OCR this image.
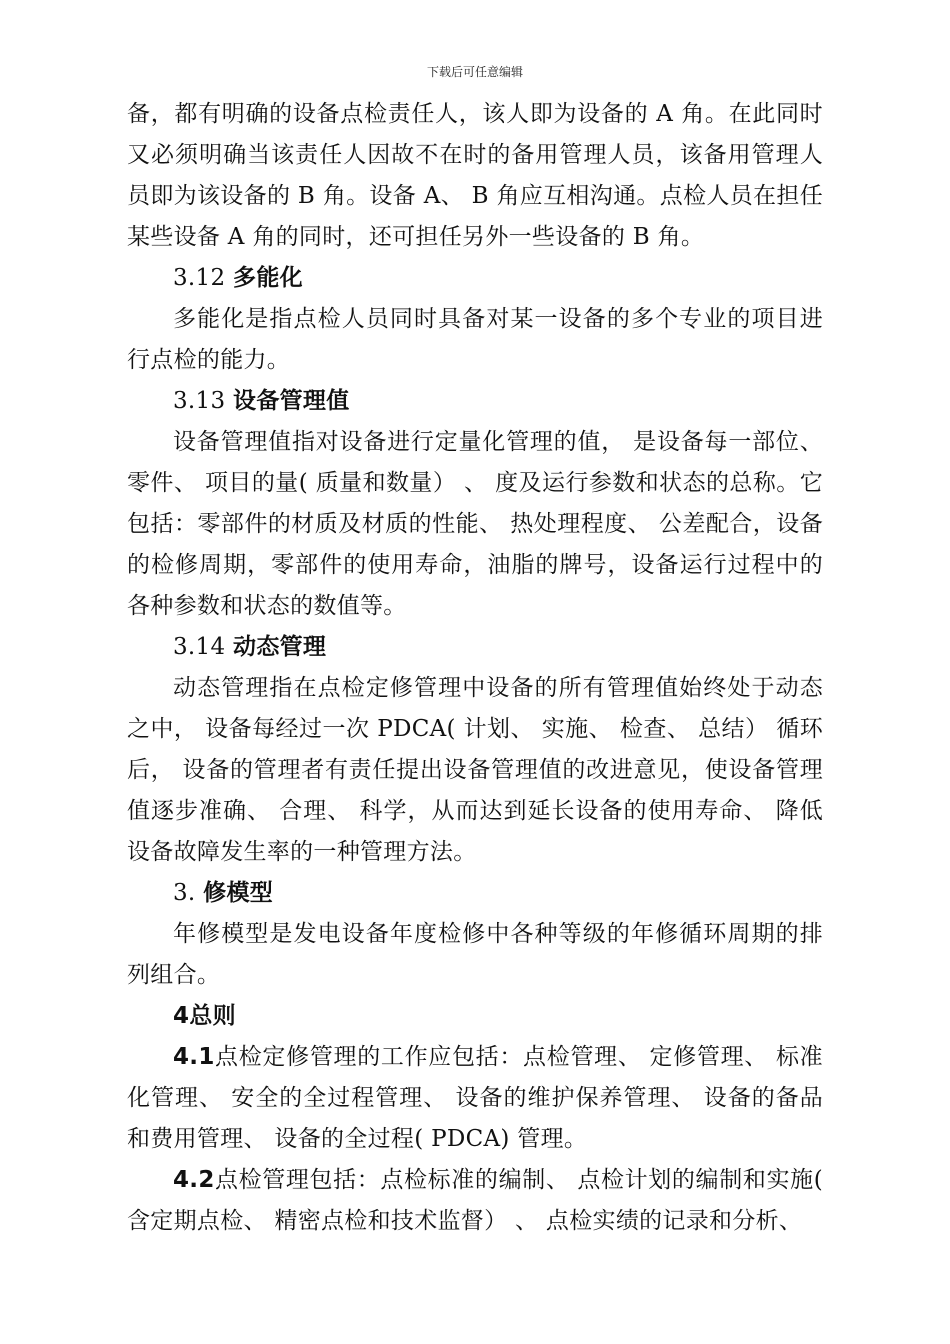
下载后可任意编辑

备，都有明确的设备点检责任人，该人即为设备的 A 角。在此同时又必须明确当该责任人因故不在时的备用管理人员，该备用管理人员即为该设备的 B 角。设备 A、 B 角应互相沟通。点检人员在担任某些设备 A 角的同时，还可担任另外一些设备的 B 角。

3.12 多能化

多能化是指点检人员同时具备对某一设备的多个专业的项目进行点检的能力。

3.13 设备管理值

设备管理值指对设备进行定量化管理的值， 是设备每一部位、 零件、 项目的量( 质量和数量） 、 度及运行参数和状态的总称。它包括：零部件的材质及材质的性能、 热处理程度、 公差配合，设备的检修周期，零部件的使用寿命，油脂的牌号，设备运行过程中的各种参数和状态的数值等。

3.14 动态管理

动态管理指在点检定修管理中设备的所有管理值始终处于动态之中， 设备每经过一次 PDCA( 计划、 实施、 检查、 总结） 循环后， 设备的管理者有责任提出设备管理值的改进意见，使设备管理值逐步准确、 合理、 科学，从而达到延长设备的使用寿命、 降低设备故障发生率的一种管理方法。

3. 修模型

年修模型是发电设备年度检修中各种等级的年修循环周期的排列组合。

4总则

4.1点检定修管理的工作应包括：点检管理、 定修管理、 标准化管理、 安全的全过程管理、 设备的维护保养管理、 设备的备品和费用管理、 设备的全过程( PDCA) 管理。

4.2点检管理包括：点检标准的编制、 点检计划的编制和实施( 含定期点检、 精密点检和技术监督） 、 点检实绩的记录和分析、
